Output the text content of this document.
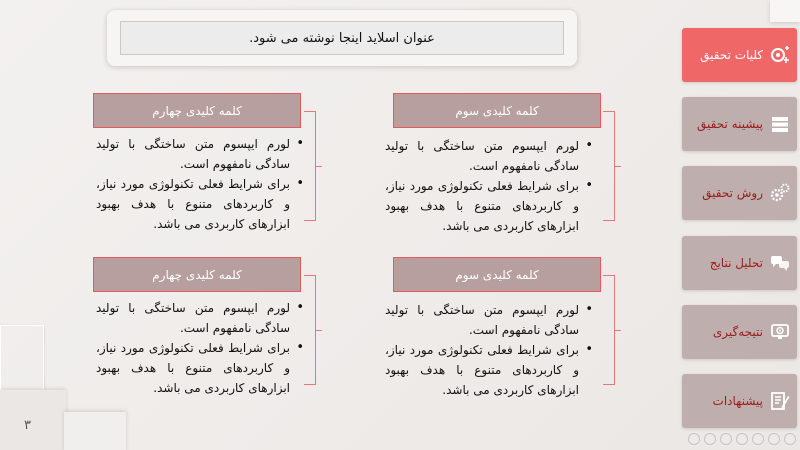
۳
عنوان اسلاید اینجا نوشته می شود.
کلمه کلیدی چهارم
• لورم ایپسوم متن ساختگی با تولید سادگی نامفهوم است.
• برای شرایط فعلی تکنولوژی مورد نیاز، و کاربردهای متنوع با هدف بهبود ابزارهای کاربردی می باشد.
کلمه کلیدی سوم
• لورم ایپسوم متن ساختگی با تولید سادگی نامفهوم است.
• برای شرایط فعلی تکنولوژی مورد نیاز، و کاربردهای متنوع با هدف بهبود ابزارهای کاربردی می باشد.
کلمه کلیدی چهارم
• لورم ایپسوم متن ساختگی با تولید سادگی نامفهوم است.
• برای شرایط فعلی تکنولوژی مورد نیاز، و کاربردهای متنوع با هدف بهبود ابزارهای کاربردی می باشد.
کلمه کلیدی سوم
• لورم ایپسوم متن ساختگی با تولید سادگی نامفهوم است.
• برای شرایط فعلی تکنولوژی مورد نیاز، و کاربردهای متنوع با هدف بهبود ابزارهای کاربردی می باشد.
کلیات تحقیق
پیشینه تحقیق
روش تحقیق
تحلیل نتایج
نتیجه‌گیری
پیشنهادات
